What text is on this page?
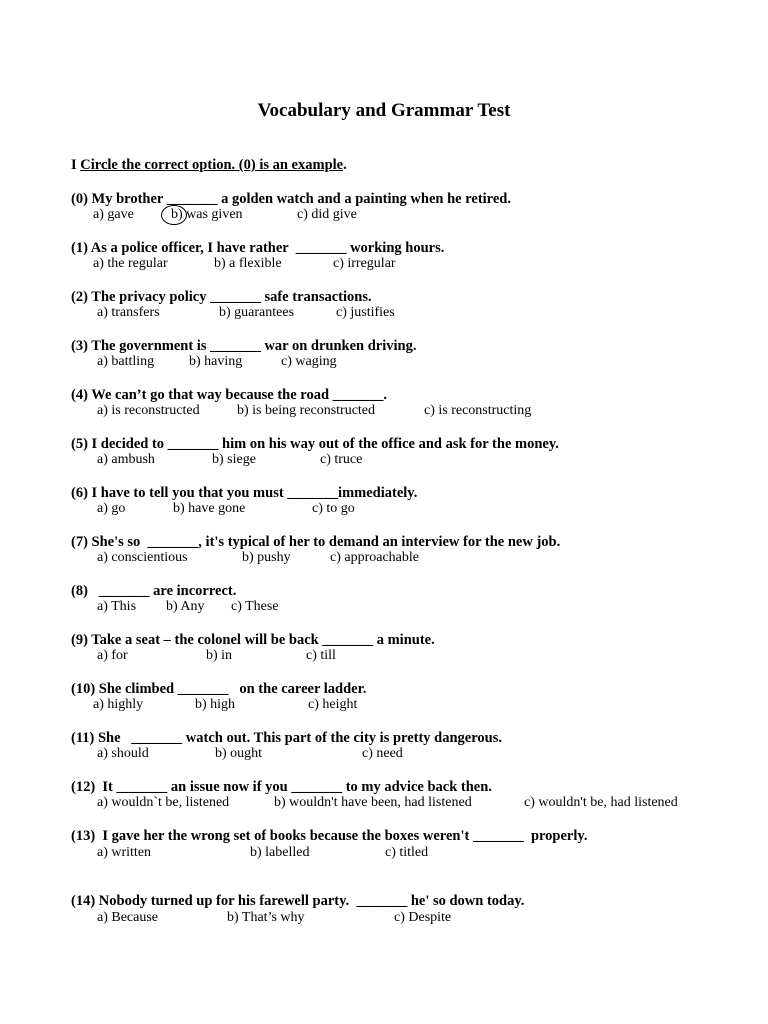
Vocabulary and Grammar Test
I Circle the correct option. (0) is an example.
(0) My brother _______ a golden watch and a painting when he retired.
a) gave	b) was given	c) did give
(1) As a police officer, I have rather  _______ working hours.
a) the regular	b) a flexible	c) irregular
(2) The privacy policy _______ safe transactions.
a) transfers	b) guarantees	c) justifies
(3) The government is _______ war on drunken driving.
a) battling b) having	c) waging
(4) We can’t go that way because the road _______.
a) is reconstructed	b) is being reconstructed	c) is reconstructing
(5) I decided to _______ him on his way out of the office and ask for the money.
a) ambush	b) siege	c) truce
(6) I have to tell you that you must _______immediately.
a) go	b) have gone	c) to go
(7) She's so  _______, it's typical of her to demand an interview for the new job.
a) conscientious	b) pushy	c) approachable
(8)   _______ are incorrect.
a) This b) Any c) These
(9) Take a seat – the colonel will be back _______ a minute.
a) for	b) in	c) till
(10) She climbed _______   on the career ladder.
a) highly	b) high	c) height
(11) She   _______ watch out. This part of the city is pretty dangerous.
a) should	b) ought	c) need
(12)  It _______ an issue now if you _______ to my advice back then.
a) wouldn`t be, listened	b) wouldn't have been, had listened	c) wouldn't be, had listened
(13)  I gave her the wrong set of books because the boxes weren't _______  properly.
a) written	b) labelled	c) titled
(14) Nobody turned up for his farewell party.  _______ he' so down today.
a) Because	b) That’s why	c) Despite
